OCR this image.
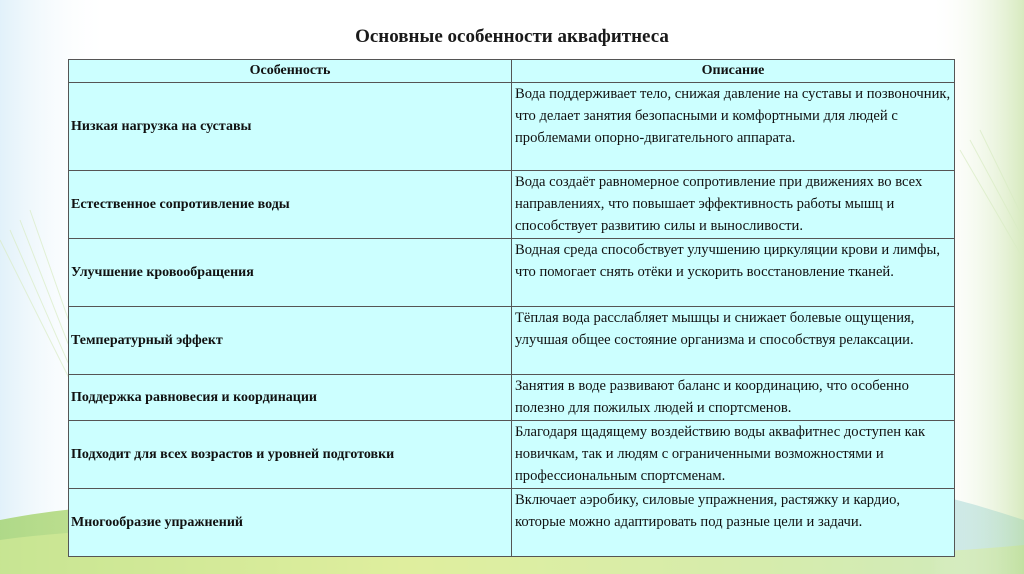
Основные особенности аквафитнеса
Особенность	Описание
Низкая нагрузка на суставы	Вода поддерживает тело, снижая давление на суставы и позвоночник, что делает занятия безопасными и комфортными для людей с проблемами опорно-двигательного аппарата.
Естественное сопротивление воды	Вода создаёт равномерное сопротивление при движениях во всех направлениях, что повышает эффективность работы мышц и способствует развитию силы и выносливости.
Улучшение кровообращения	Водная среда способствует улучшению циркуляции крови и лимфы, что помогает снять отёки и ускорить восстановление тканей.
Температурный эффект	Тёплая вода расслабляет мышцы и снижает болевые ощущения, улучшая общее состояние организма и способствуя релаксации.
Поддержка равновесия и координации	Занятия в воде развивают баланс и координацию, что особенно полезно для пожилых людей и спортсменов.
Подходит для всех возрастов и уровней подготовки	Благодаря щадящему воздействию воды аквафитнес доступен как новичкам, так и людям с ограниченными возможностями и профессиональным спортсменам.
Многообразие упражнений	Включает аэробику, силовые упражнения, растяжку и кардио, которые можно адаптировать под разные цели и задачи.
